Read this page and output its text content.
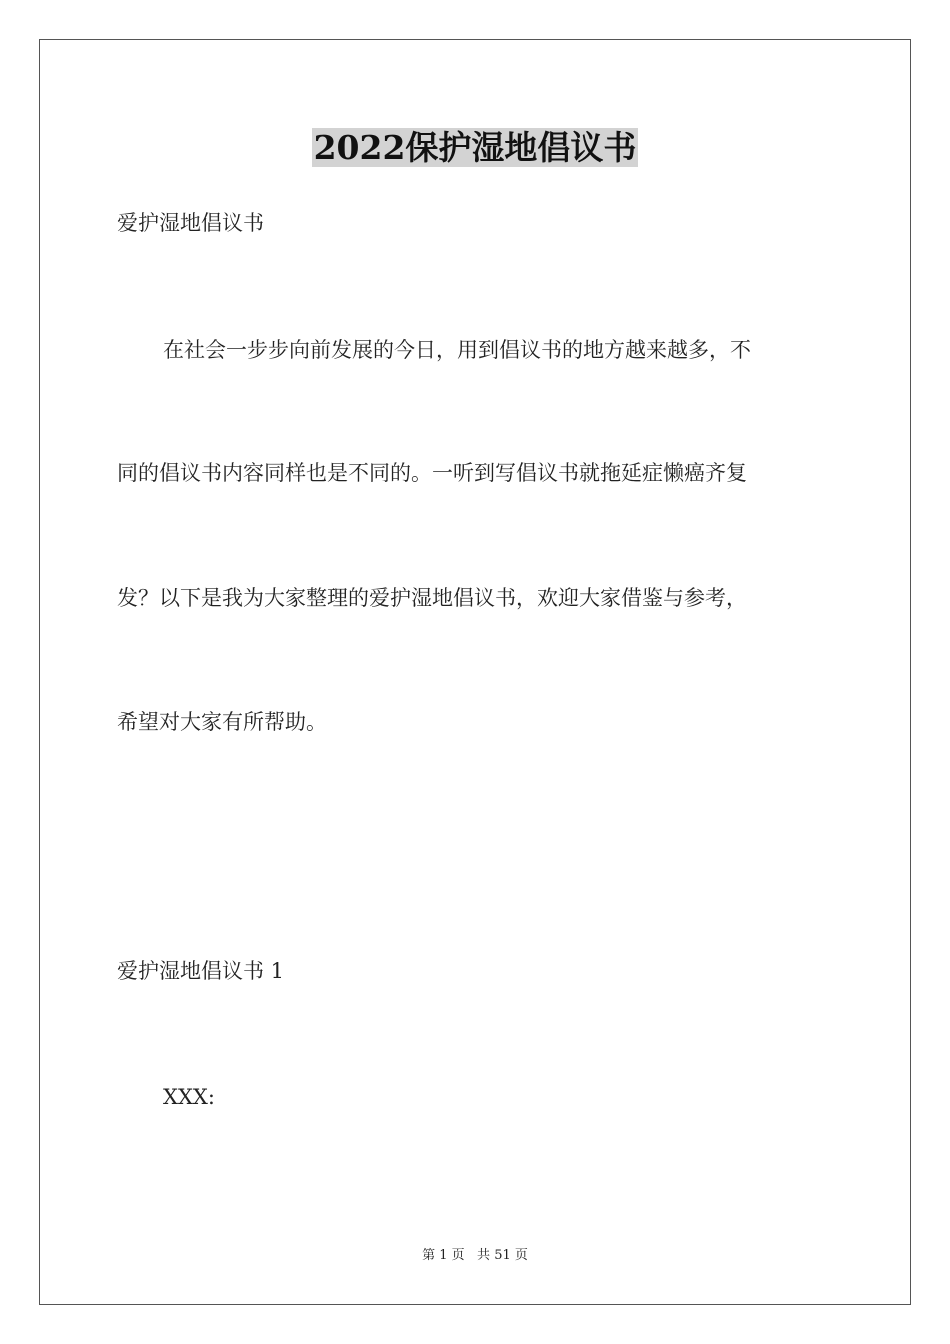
2022保护湿地倡议书
爱护湿地倡议书
在社会一步步向前发展的今日，用到倡议书的地方越来越多，不
同的倡议书内容同样也是不同的。一听到写倡议书就拖延症懒癌齐复
发？以下是我为大家整理的爱护湿地倡议书，欢迎大家借鉴与参考，
希望对大家有所帮助。
爱护湿地倡议书 1
XXX:
第 1 页   共 51 页
